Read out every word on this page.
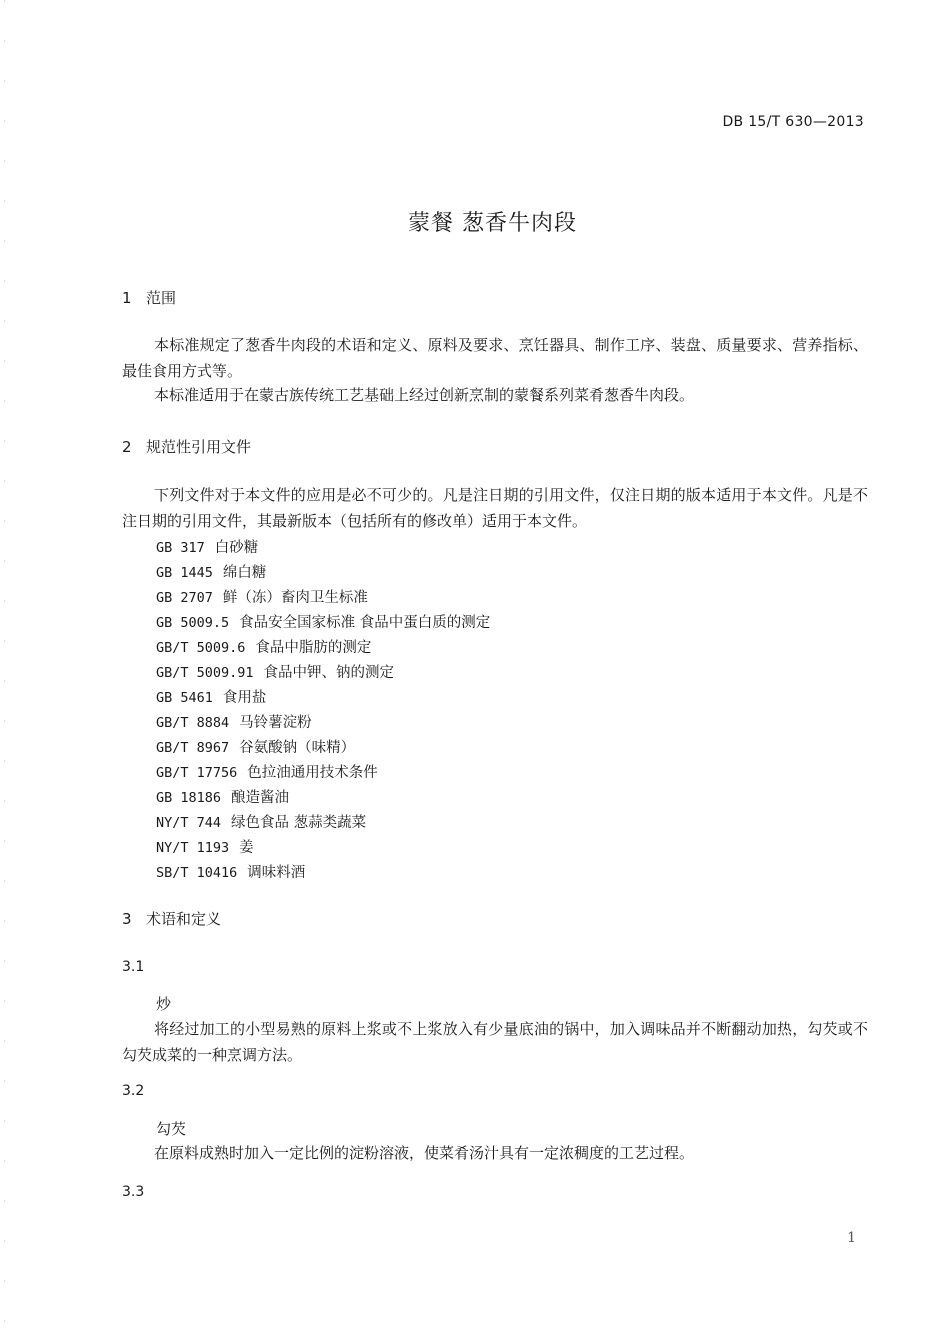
DB 15/T 630—2013
蒙餐 葱香牛肉段
1 范围
本标准规定了葱香牛肉段的术语和定义、原料及要求、烹饪器具、制作工序、装盘、质量要求、营养指标、最佳食用方式等。
本标准适用于在蒙古族传统工艺基础上经过创新烹制的蒙餐系列菜肴葱香牛肉段。
2 规范性引用文件
下列文件对于本文件的应用是必不可少的。凡是注日期的引用文件，仅注日期的版本适用于本文件。凡是不注日期的引用文件，其最新版本（包括所有的修改单）适用于本文件。
GB 317 白砂糖
GB 1445 绵白糖
GB 2707 鲜（冻）畜肉卫生标准
GB 5009.5 食品安全国家标准 食品中蛋白质的测定
GB/T 5009.6 食品中脂肪的测定
GB/T 5009.91 食品中钾、钠的测定
GB 5461 食用盐
GB/T 8884 马铃薯淀粉
GB/T 8967 谷氨酸钠（味精）
GB/T 17756 色拉油通用技术条件
GB 18186 酿造酱油
NY/T 744 绿色食品 葱蒜类蔬菜
NY/T 1193 姜
SB/T 10416 调味料酒
3 术语和定义
3.1
炒
将经过加工的小型易熟的原料上浆或不上浆放入有少量底油的锅中，加入调味品并不断翻动加热，勾芡或不勾芡成菜的一种烹调方法。
3.2
勾芡
在原料成熟时加入一定比例的淀粉溶液，使菜肴汤汁具有一定浓稠度的工艺过程。
3.3
1
